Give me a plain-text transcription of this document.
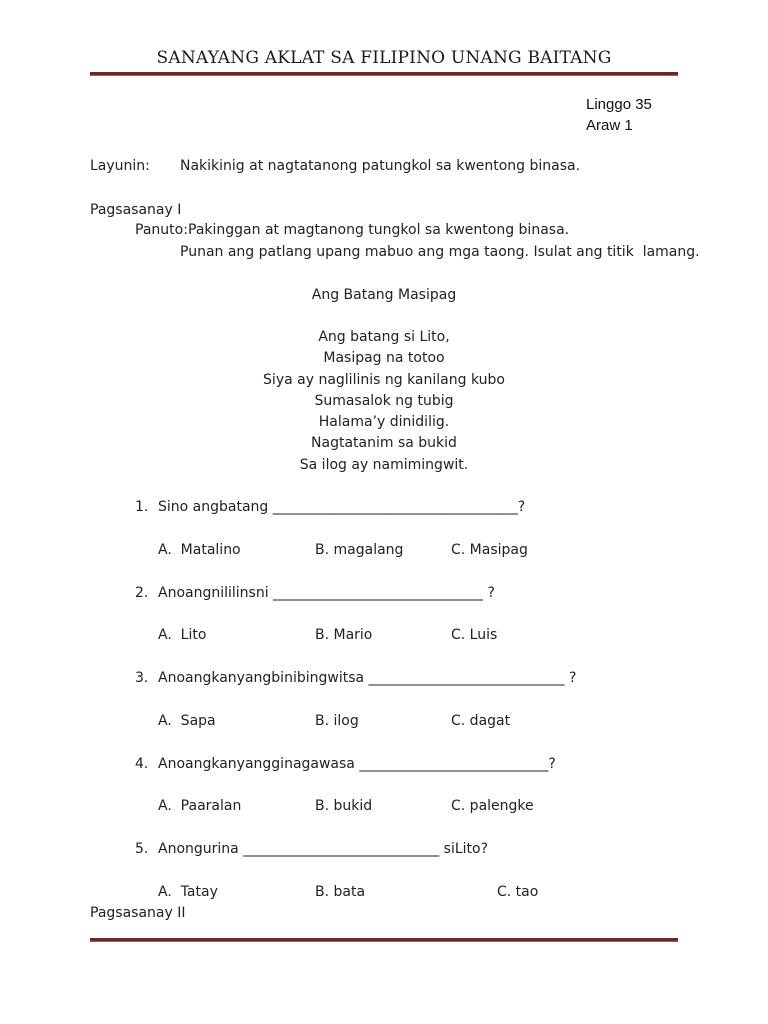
SANAYANG AKLAT SA FILIPINO UNANG BAITANG
Linggo 35
Araw 1
Layunin: Nakikinig at nagtatanong patungkol sa kwentong binasa.
Pagsasanay I
Panuto: Pakinggan at magtanong tungkol sa kwentong binasa.
Punan ang patlang upang mabuo ang mga taong. Isulat ang titik  lamang.
Ang Batang Masipag
Ang batang si Lito,
Masipag na totoo
Siya ay naglilinis ng kanilang kubo
Sumasalok ng tubig
Halama’y dinidilig.
Nagtatanim sa bukid
Sa ilog ay namimingwit.
1. Sino angbatang ___________________________________?
A.  Matalino	B. magalang	C. Masipag
2. Anoangnililinsni ______________________________ ?
A.  Lito	B. Mario	C. Luis
3. Anoangkanyangbinibingwitsa ____________________________ ?
A.  Sapa	B. ilog	C. dagat
4. Anoangkanyangginagawasa ___________________________?
A.  Paaralan	B. bukid	C. palengke
5. Anongurina ____________________________ siLito?
A.  Tatay	B. bata	C. tao
Pagsasanay II
